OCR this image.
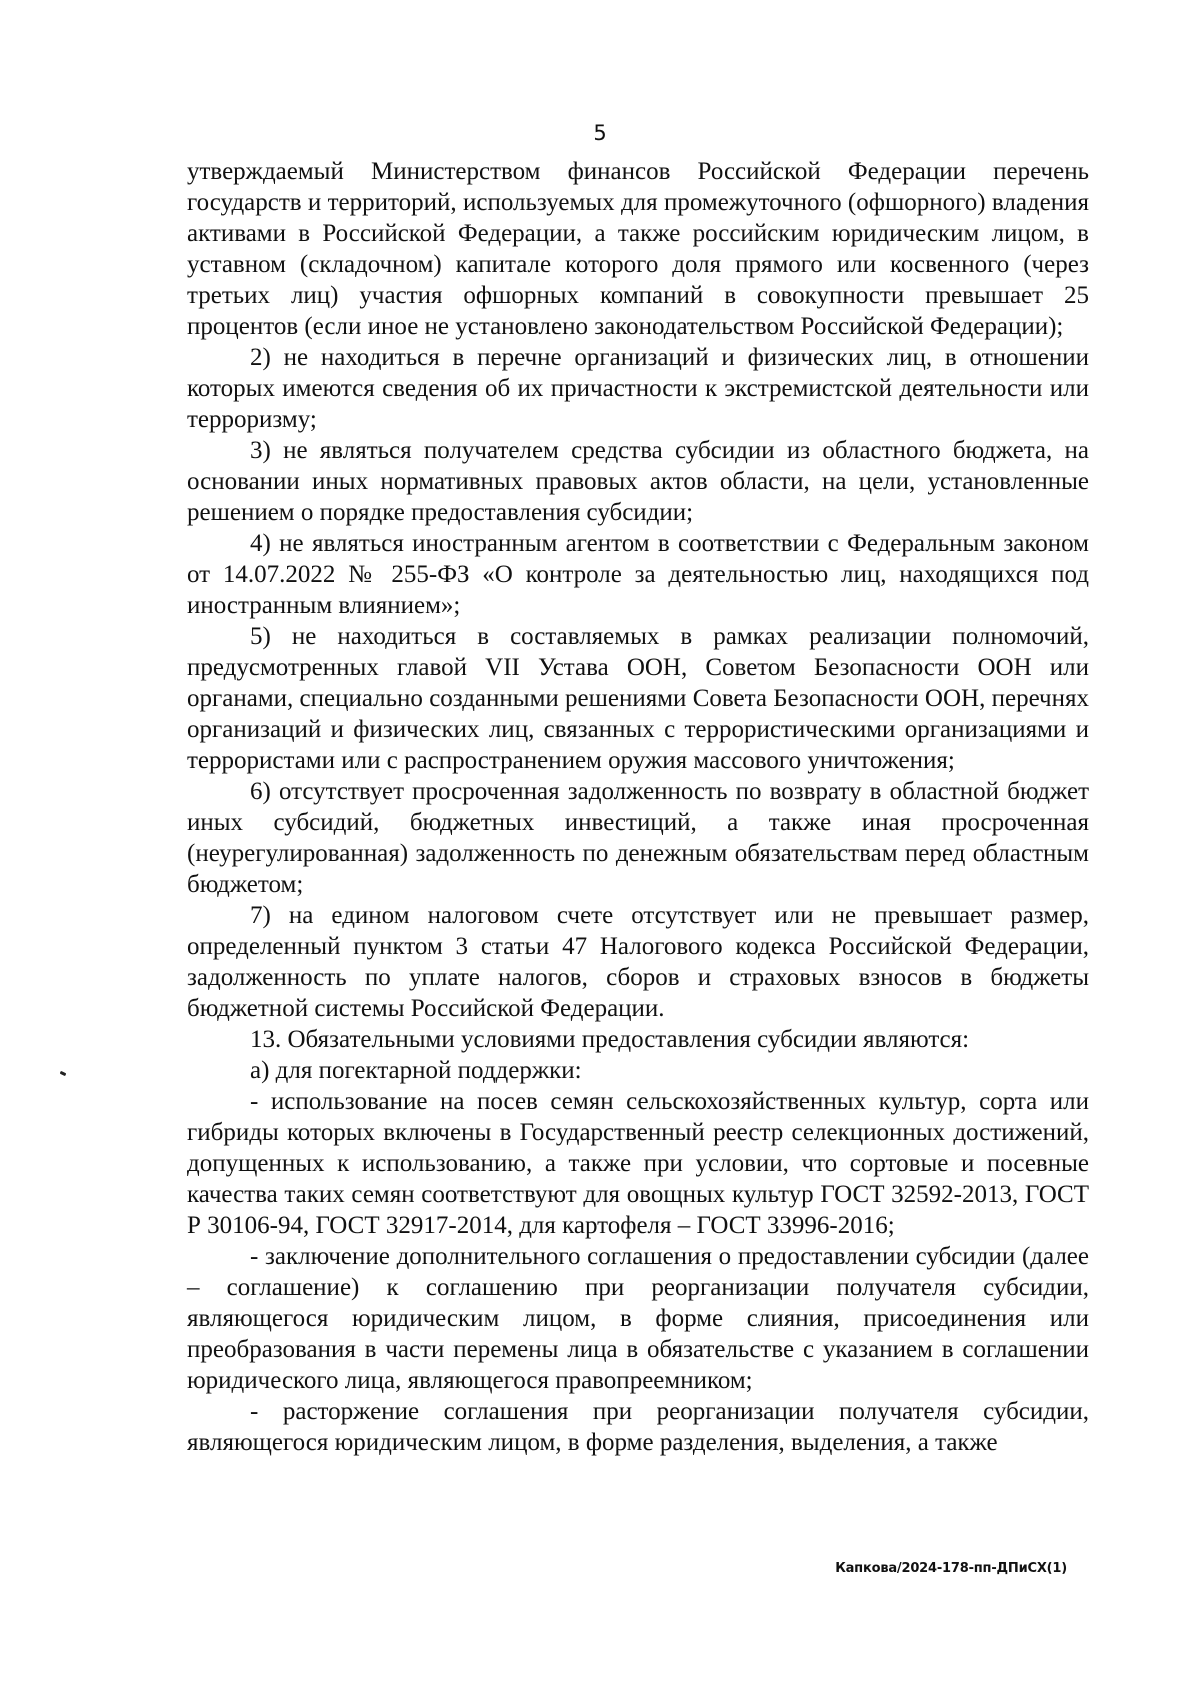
5

утверждаемый Министерством финансов Российской Федерации перечень государств и территорий, используемых для промежуточного (офшорного) владения активами в Российской Федерации, а также российским юридическим лицом, в уставном (складочном) капитале которого доля прямого или косвенного (через третьих лиц) участия офшорных компаний в совокупности превышает 25 процентов (если иное не установлено законодательством Российской Федерации);

2) не находиться в перечне организаций и физических лиц, в отношении которых имеются сведения об их причастности к экстремистской деятельности или терроризму;

3) не являться получателем средства субсидии из областного бюджета, на основании иных нормативных правовых актов области, на цели, установленные решением о порядке предоставления субсидии;

4) не являться иностранным агентом в соответствии с Федеральным законом от 14.07.2022 № 255-ФЗ «О контроле за деятельностью лиц, находящихся под иностранным влиянием»;

5) не находиться в составляемых в рамках реализации полномочий, предусмотренных главой VII Устава ООН, Советом Безопасности ООН или органами, специально созданными решениями Совета Безопасности ООН, перечнях организаций и физических лиц, связанных с террористическими организациями и террористами или с распространением оружия массового уничтожения;

6) отсутствует просроченная задолженность по возврату в областной бюджет иных субсидий, бюджетных инвестиций, а также иная просроченная (неурегулированная) задолженность по денежным обязательствам перед областным бюджетом;

7) на едином налоговом счете отсутствует или не превышает размер, определенный пунктом 3 статьи 47 Налогового кодекса Российской Федерации, задолженность по уплате налогов, сборов и страховых взносов в бюджеты бюджетной системы Российской Федерации.

13. Обязательными условиями предоставления субсидии являются:

а) для погектарной поддержки:

- использование на посев семян сельскохозяйственных культур, сорта или гибриды которых включены в Государственный реестр селекционных достижений, допущенных к использованию, а также при условии, что сортовые и посевные качества таких семян соответствуют для овощных культур ГОСТ 32592-2013, ГОСТ Р 30106-94, ГОСТ 32917-2014, для картофеля – ГОСТ 33996-2016;

- заключение дополнительного соглашения о предоставлении субсидии (далее – соглашение) к соглашению при реорганизации получателя субсидии, являющегося юридическим лицом, в форме слияния, присоединения или преобразования в части перемены лица в обязательстве с указанием в соглашении юридического лица, являющегося правопреемником;

- расторжение соглашения при реорганизации получателя субсидии, являющегося юридическим лицом, в форме разделения, выделения, а также

Капкова/2024-178-пп-ДПиСХ(1)
